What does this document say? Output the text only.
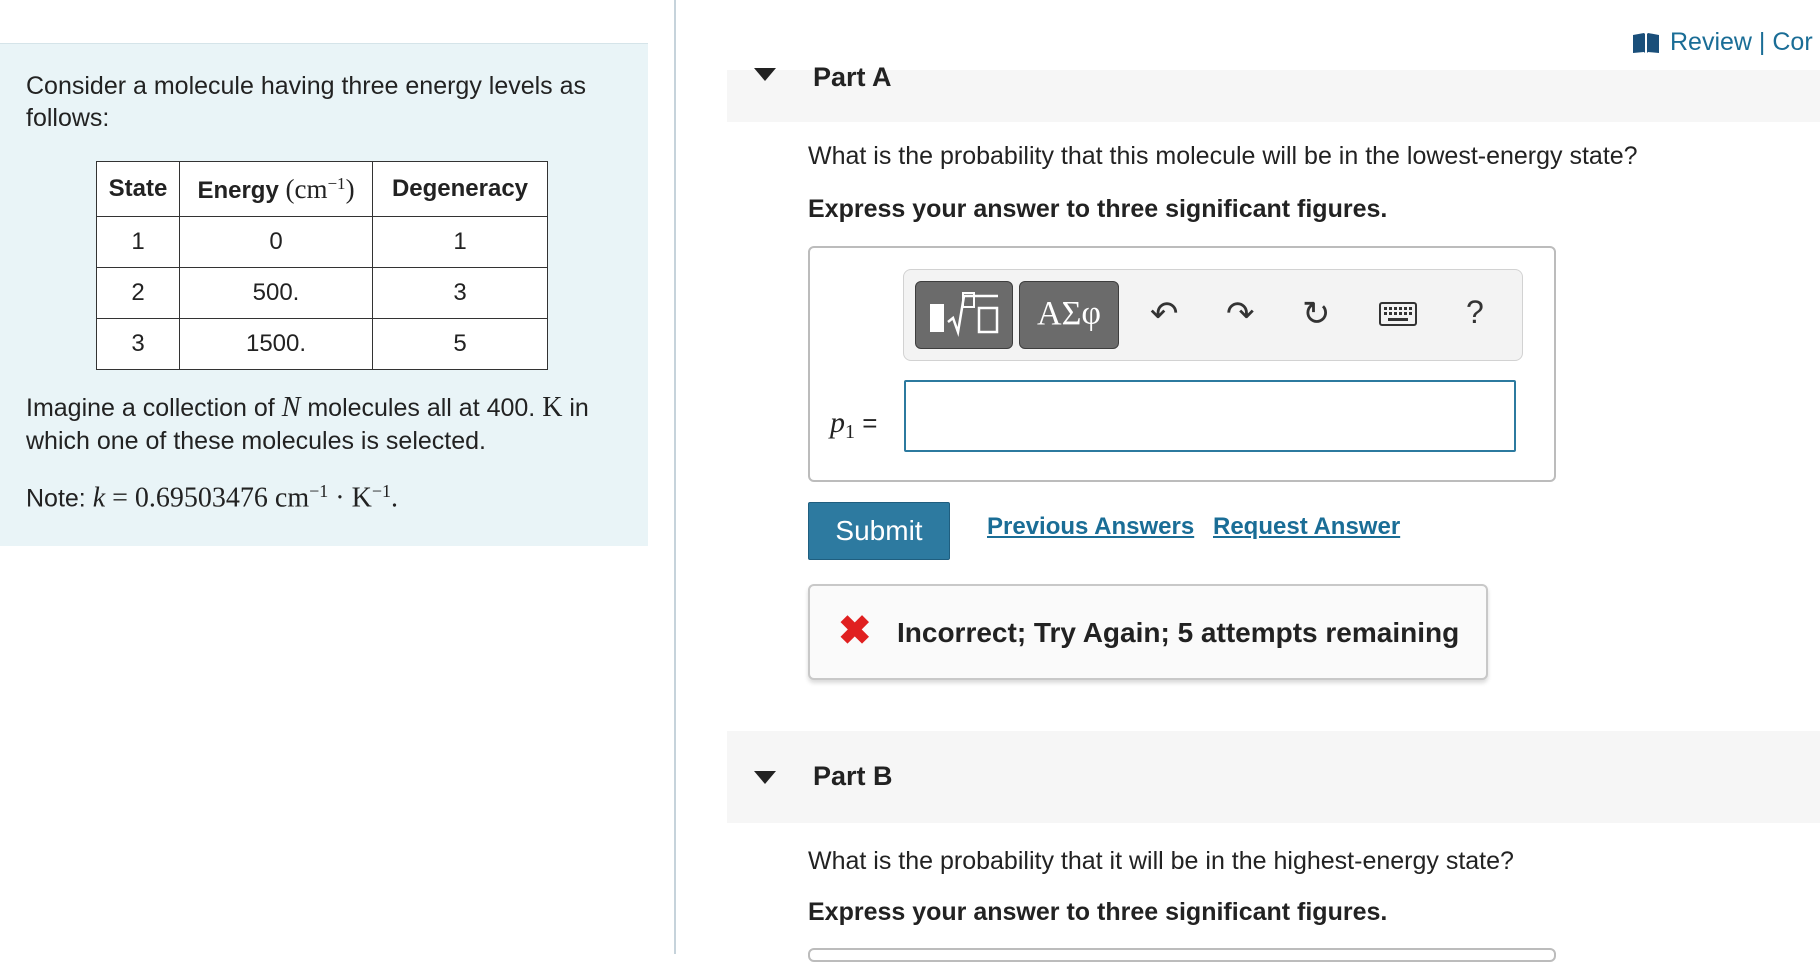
Consider a molecule having three energy levels as follows:
State	Energy $(cm^{-1})$	Degeneracy
1	0	1
2	500.	3
3	1500.	5
Imagine a collection of N molecules all at 400. K in which one of these molecules is selected.
Note: k = 0.69503476 $cm^{-1} \cdot K^{-1}$.
Review | Cor
Part A
What is the probability that this molecule will be in the lowest-energy state?
Express your answer to three significant figures.
ΑΣφ	↶ ↷ ↻	?
$p_1$ =
Submit	Previous Answers Request Answer
✖ Incorrect; Try Again; 5 attempts remaining
Part B
What is the probability that it will be in the highest-energy state?
Express your answer to three significant figures.
